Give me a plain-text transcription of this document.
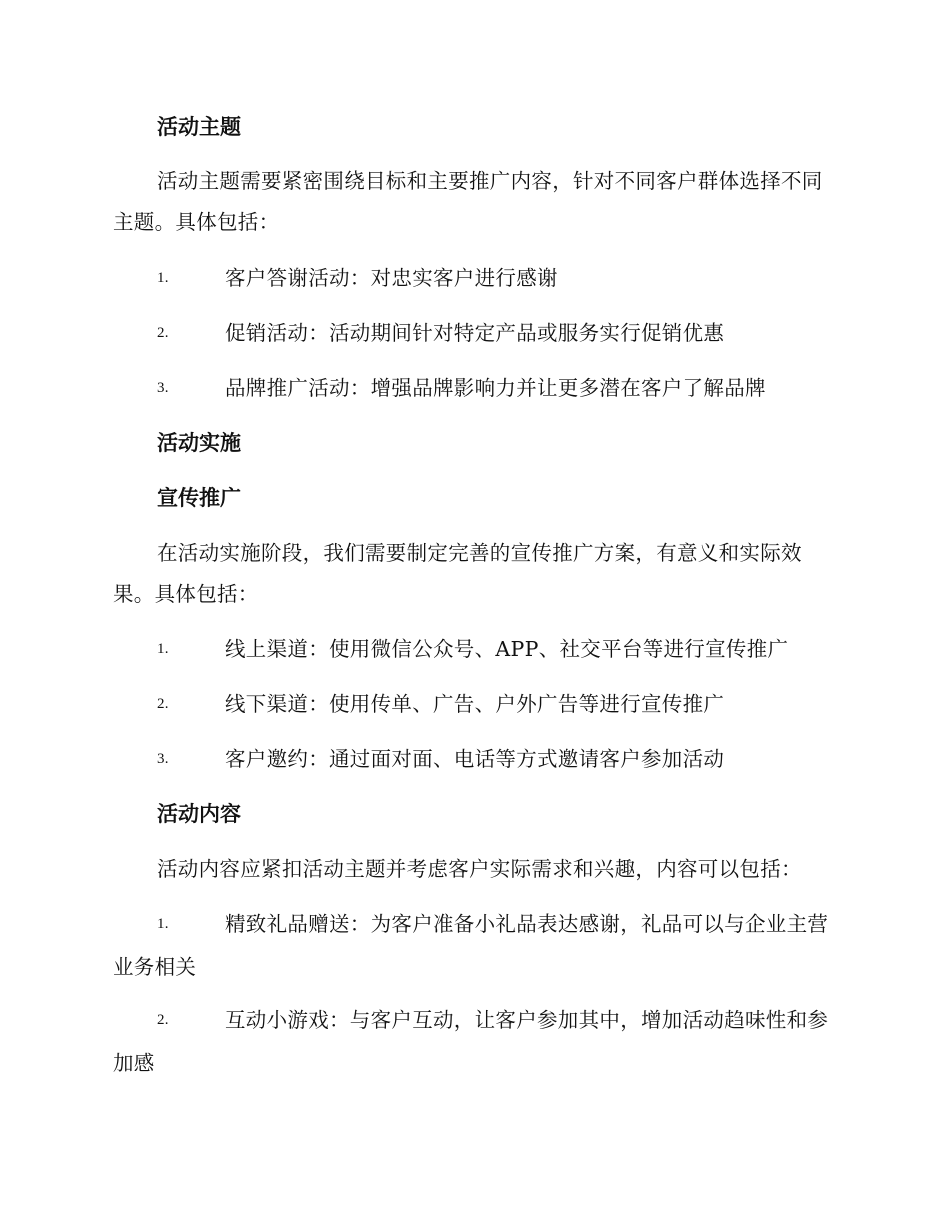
活动主题
活动主题需要紧密围绕目标和主要推广内容，针对不同客户群体选择不同主题。具体包括：
1.	客户答谢活动：对忠实客户进行感谢
2.	促销活动：活动期间针对特定产品或服务实行促销优惠
3.	品牌推广活动：增强品牌影响力并让更多潜在客户了解品牌
活动实施
宣传推广
在活动实施阶段，我们需要制定完善的宣传推广方案，有意义和实际效果。具体包括：
1.	线上渠道：使用微信公众号、APP、社交平台等进行宣传推广
2.	线下渠道：使用传单、广告、户外广告等进行宣传推广
3.	客户邀约：通过面对面、电话等方式邀请客户参加活动
活动内容
活动内容应紧扣活动主题并考虑客户实际需求和兴趣，内容可以包括：
1.	精致礼品赠送：为客户准备小礼品表达感谢，礼品可以与企业主营业务相关
2.	互动小游戏：与客户互动，让客户参加其中，增加活动趋味性和参加感
